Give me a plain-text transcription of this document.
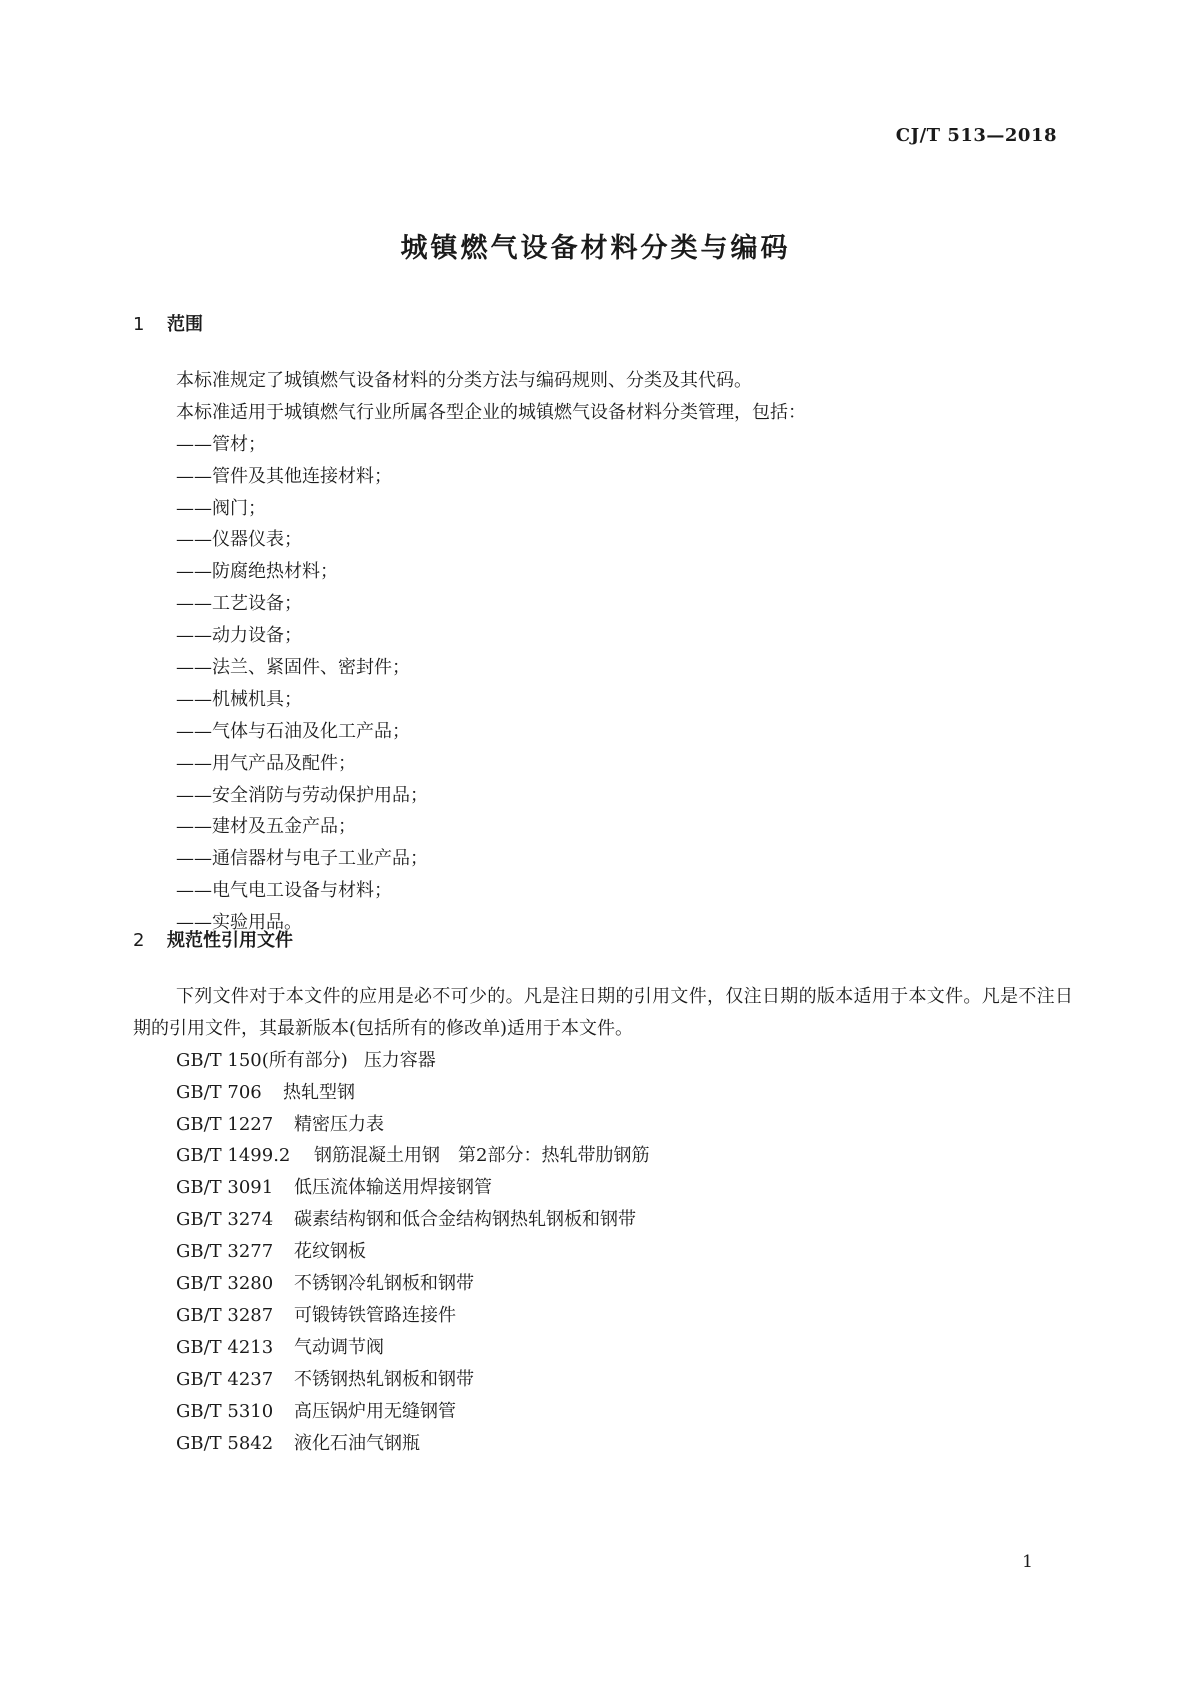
CJ/T 513—2018
城镇燃气设备材料分类与编码
1 范围
本标准规定了城镇燃气设备材料的分类方法与编码规则、分类及其代码。
本标准适用于城镇燃气行业所属各型企业的城镇燃气设备材料分类管理，包括：
——管材；
——管件及其他连接材料；
——阀门；
——仪器仪表；
——防腐绝热材料；
——工艺设备；
——动力设备；
——法兰、紧固件、密封件；
——机械机具；
——气体与石油及化工产品；
——用气产品及配件；
——安全消防与劳动保护用品；
——建材及五金产品；
——通信器材与电子工业产品；
——电气电工设备与材料；
——实验用品。
2 规范性引用文件
下列文件对于本文件的应用是必不可少的。凡是注日期的引用文件，仅注日期的版本适用于本文件。凡是不注日期的引用文件，其最新版本(包括所有的修改单)适用于本文件。
GB/T 150(所有部分) 压力容器
GB/T 706 热轧型钢
GB/T 1227 精密压力表
GB/T 1499.2 钢筋混凝土用钢　第2部分：热轧带肋钢筋
GB/T 3091 低压流体输送用焊接钢管
GB/T 3274 碳素结构钢和低合金结构钢热轧钢板和钢带
GB/T 3277 花纹钢板
GB/T 3280 不锈钢冷轧钢板和钢带
GB/T 3287 可锻铸铁管路连接件
GB/T 4213 气动调节阀
GB/T 4237 不锈钢热轧钢板和钢带
GB/T 5310 高压锅炉用无缝钢管
GB/T 5842 液化石油气钢瓶
1
